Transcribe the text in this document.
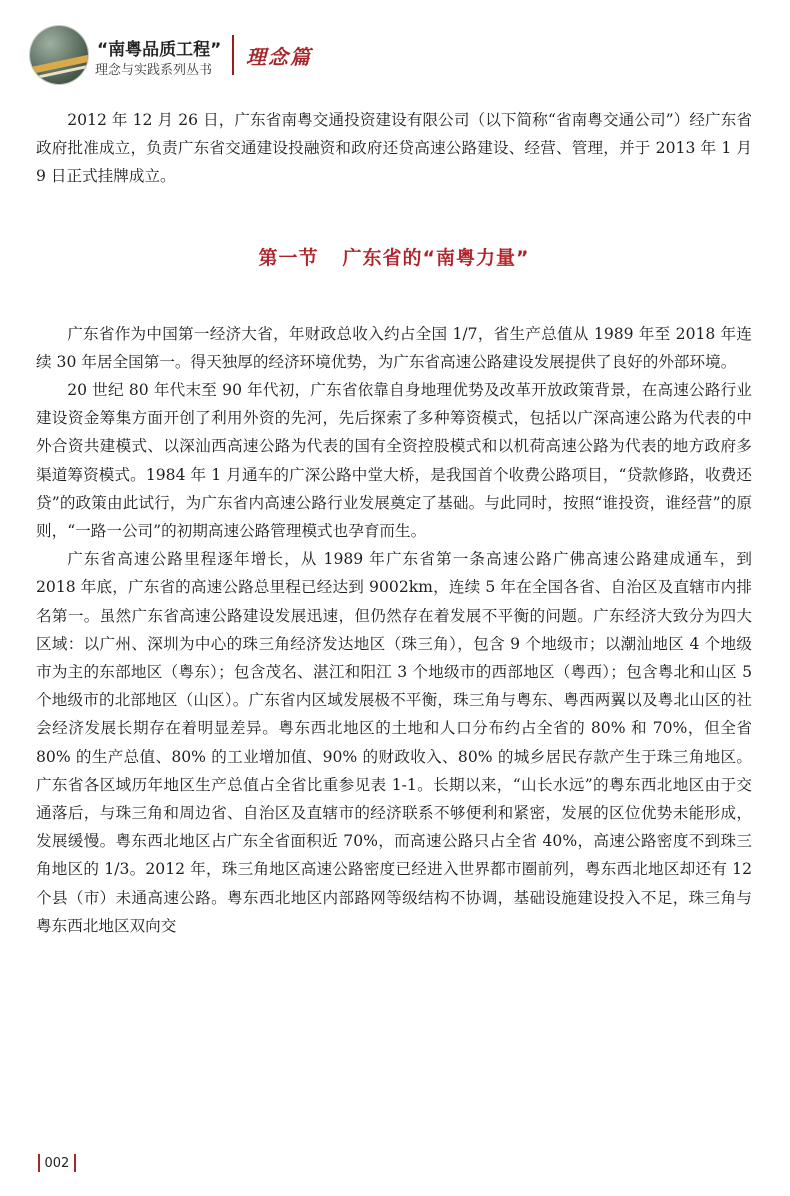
“南粤品质工程”
理念与实践系列丛书
理念篇

2012 年 12 月 26 日，广东省南粤交通投资建设有限公司（以下简称“省南粤交通公司”）经广东省政府批准成立，负责广东省交通建设投融资和政府还贷高速公路建设、经营、管理，并于 2013 年 1 月 9 日正式挂牌成立。

第一节 广东省的“南粤力量”

广东省作为中国第一经济大省，年财政总收入约占全国 1/7，省生产总值从 1989 年至 2018 年连续 30 年居全国第一。得天独厚的经济环境优势，为广东省高速公路建设发展提供了良好的外部环境。

20 世纪 80 年代末至 90 年代初，广东省依靠自身地理优势及改革开放政策背景，在高速公路行业建设资金筹集方面开创了利用外资的先河，先后探索了多种筹资模式，包括以广深高速公路为代表的中外合资共建模式、以深汕西高速公路为代表的国有全资控股模式和以机荷高速公路为代表的地方政府多渠道筹资模式。1984 年 1 月通车的广深公路中堂大桥，是我国首个收费公路项目，“贷款修路，收费还贷”的政策由此试行，为广东省内高速公路行业发展奠定了基础。与此同时，按照“谁投资，谁经营”的原则，“一路一公司”的初期高速公路管理模式也孕育而生。

广东省高速公路里程逐年增长，从 1989 年广东省第一条高速公路广佛高速公路建成通车，到 2018 年底，广东省的高速公路总里程已经达到 9002km，连续 5 年在全国各省、自治区及直辖市内排名第一。虽然广东省高速公路建设发展迅速，但仍然存在着发展不平衡的问题。广东经济大致分为四大区域：以广州、深圳为中心的珠三角经济发达地区（珠三角），包含 9 个地级市；以潮汕地区 4 个地级市为主的东部地区（粤东）；包含茂名、湛江和阳江 3 个地级市的西部地区（粤西）；包含粤北和山区 5 个地级市的北部地区（山区）。广东省内区域发展极不平衡，珠三角与粤东、粤西两翼以及粤北山区的社会经济发展长期存在着明显差异。粤东西北地区的土地和人口分布约占全省的 80% 和 70%，但全省 80% 的生产总值、80% 的工业增加值、90% 的财政收入、80% 的城乡居民存款产生于珠三角地区。广东省各区域历年地区生产总值占全省比重参见表 1-1。长期以来，“山长水远”的粤东西北地区由于交通落后，与珠三角和周边省、自治区及直辖市的经济联系不够便利和紧密，发展的区位优势未能形成，发展缓慢。粤东西北地区占广东全省面积近 70%，而高速公路只占全省 40%，高速公路密度不到珠三角地区的 1/3。2012 年，珠三角地区高速公路密度已经进入世界都市圈前列，粤东西北地区却还有 12 个县（市）未通高速公路。粤东西北地区内部路网等级结构不协调，基础设施建设投入不足，珠三角与粤东西北地区双向交

002
